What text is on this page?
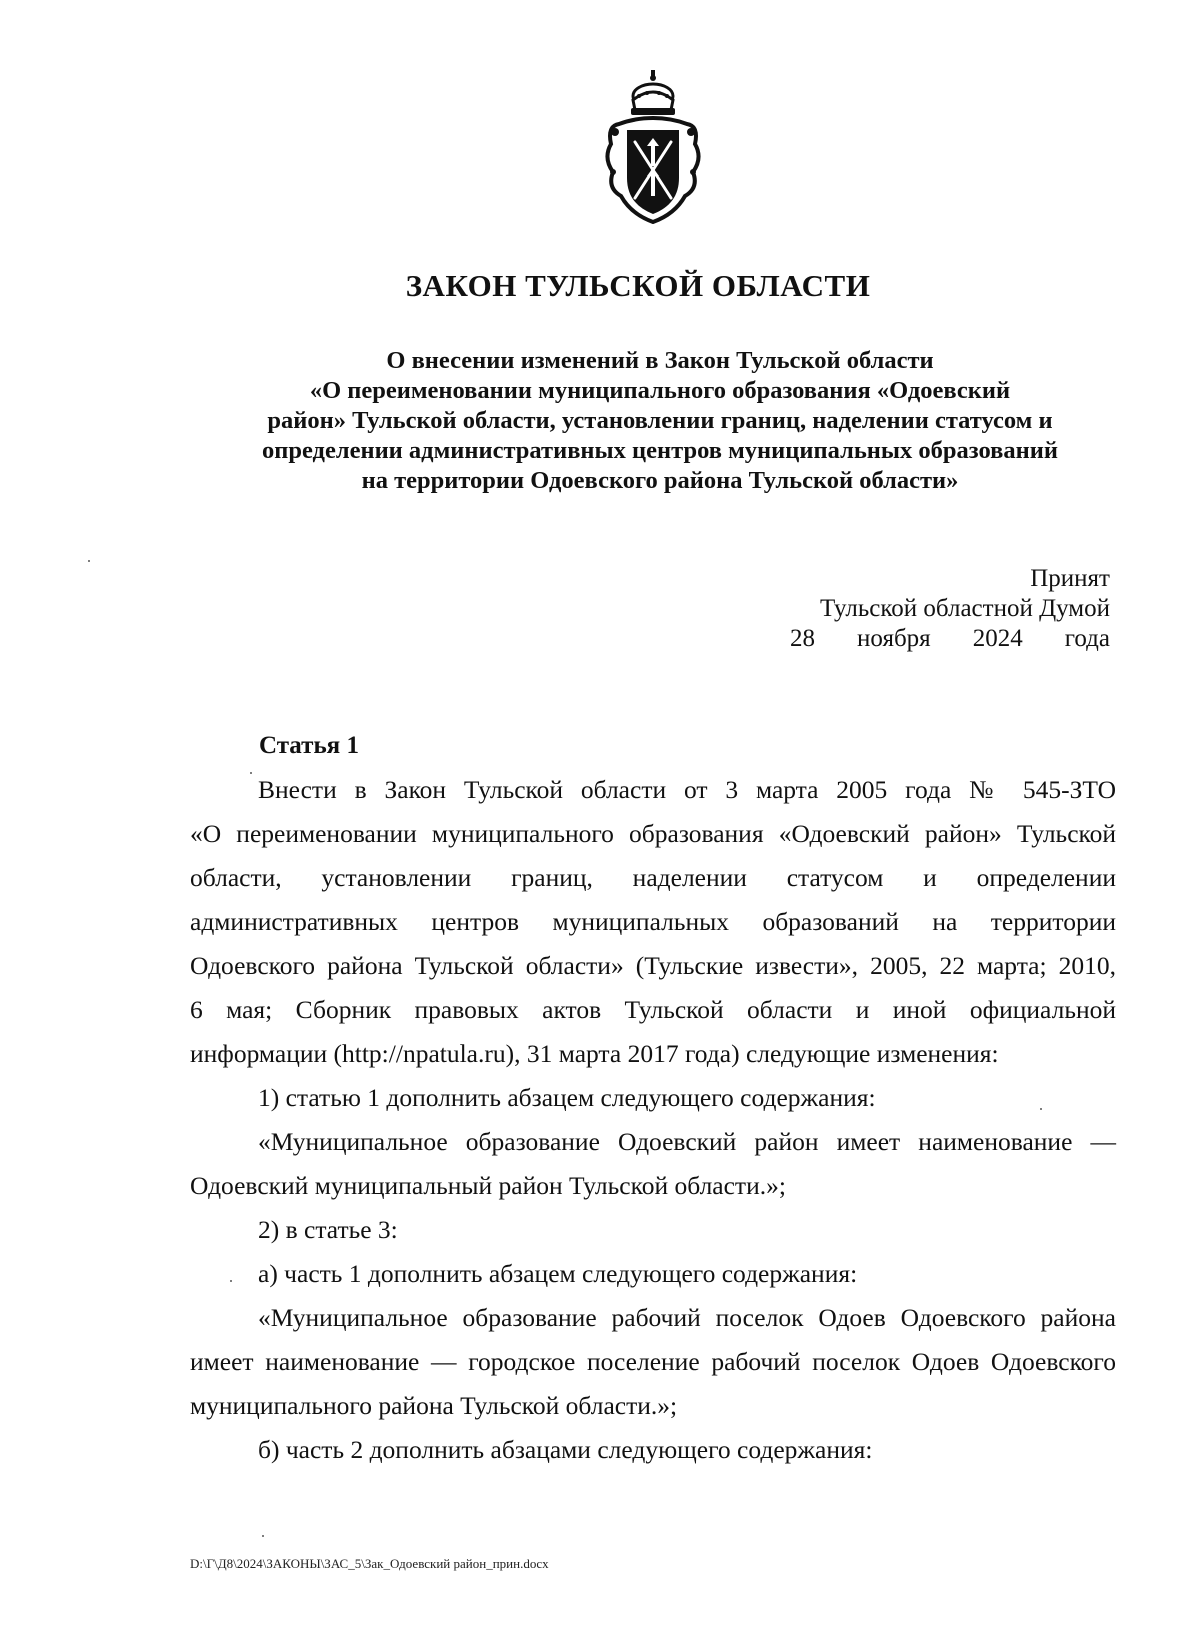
ЗАКОН ТУЛЬСКОЙ ОБЛАСТИ
О внесении изменений в Закон Тульской области
«О переименовании муниципального образования «Одоевский
район» Тульской области, установлении границ, наделении статусом и
определении административных центров муниципальных образований
на территории Одоевского района Тульской области»
Принят
Тульской областной Думой
28 ноября 2024 года
Статья 1
Внести в Закон Тульской области от 3 марта 2005 года № 545-ЗТО
«О переименовании муниципального образования «Одоевский район» Тульской
области, установлении границ, наделении статусом и определении
административных центров муниципальных образований на территории
Одоевского района Тульской области» (Тульские извести», 2005, 22 марта; 2010,
6 мая; Сборник правовых актов Тульской области и иной официальной
информации (http://npatula.ru), 31 марта 2017 года) следующие изменения:
1) статью 1 дополнить абзацем следующего содержания:
«Муниципальное образование Одоевский район имеет наименование —
Одоевский муниципальный район Тульской области.»;
2) в статье 3:
а) часть 1 дополнить абзацем следующего содержания:
«Муниципальное образование рабочий поселок Одоев Одоевского района
имеет наименование — городское поселение рабочий поселок Одоев Одоевского
муниципального района Тульской области.»;
б) часть 2 дополнить абзацами следующего содержания:
D:\Г\Д8\2024\ЗАКОНЫ\ЗАС_5\Зак_Одоевский район_прин.docx
